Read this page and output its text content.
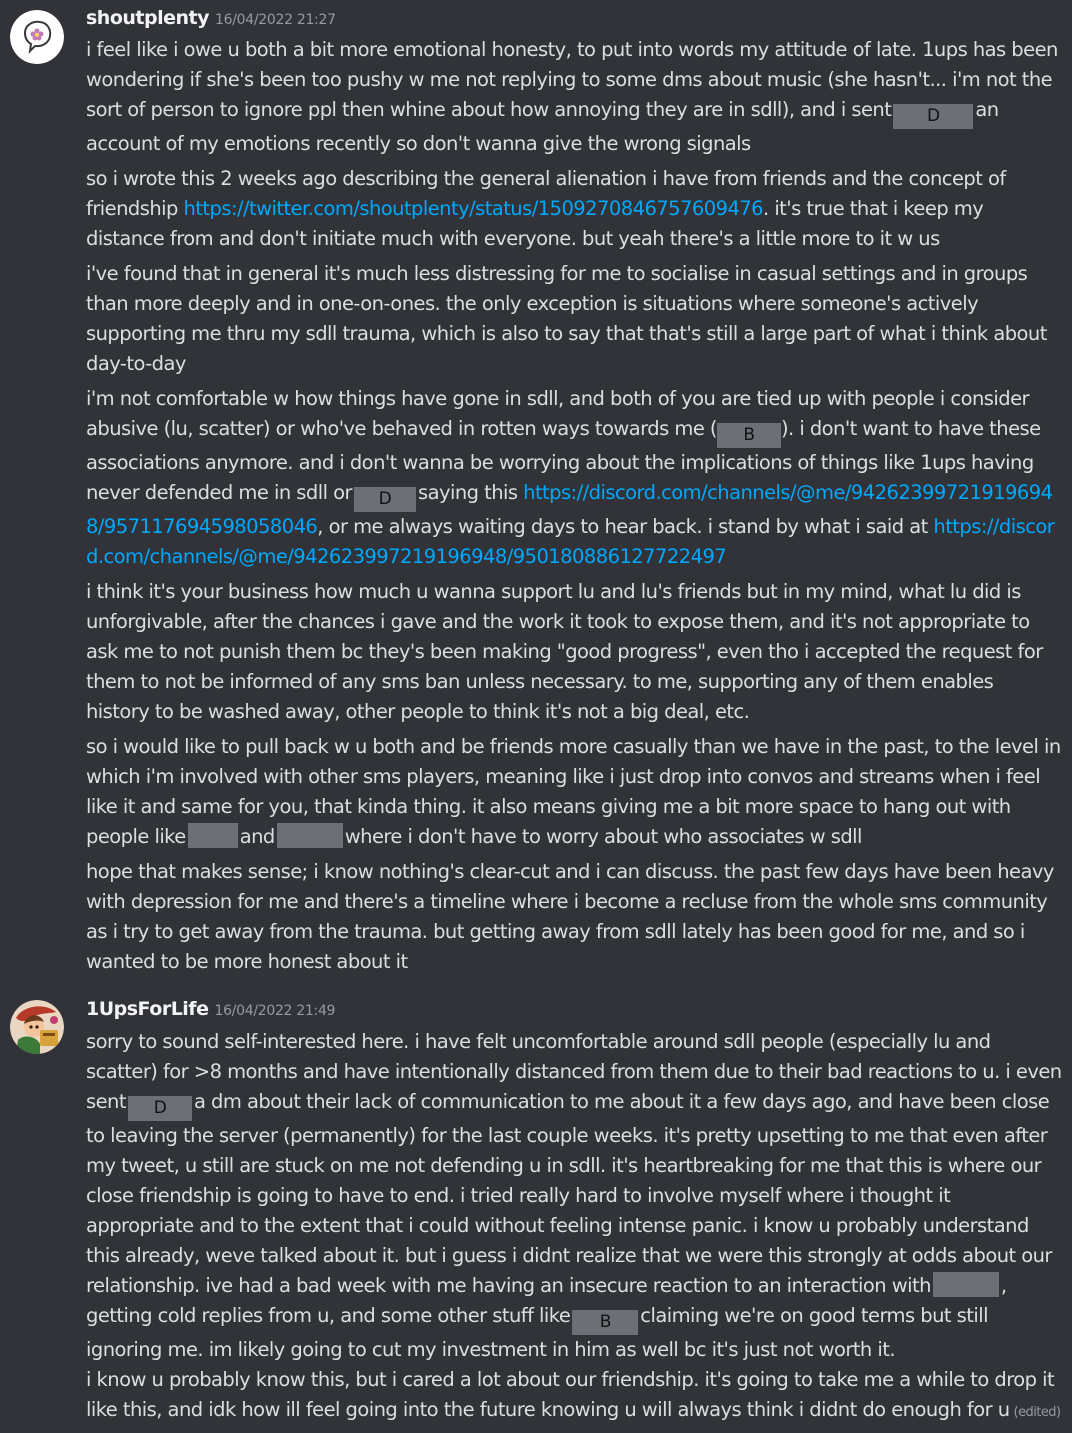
shoutplenty 16/04/2022 21:27

i feel like i owe u both a bit more emotional honesty, to put into words my attitude of late. 1ups has been wondering if she's been too pushy w me not replying to some dms about music (she hasn't... i'm not the sort of person to ignore ppl then whine about how annoying they are in sdll), and i sent D an account of my emotions recently so don't wanna give the wrong signals

so i wrote this 2 weeks ago describing the general alienation i have from friends and the concept of friendship https://twitter.com/shoutplenty/status/1509270846757609476. it's true that i keep my distance from and don't initiate much with everyone. but yeah there's a little more to it w us

i've found that in general it's much less distressing for me to socialise in casual settings and in groups than more deeply and in one-on-ones. the only exception is situations where someone's actively supporting me thru my sdll trauma, which is also to say that that's still a large part of what i think about day-to-day

i'm not comfortable w how things have gone in sdll, and both of you are tied up with people i consider abusive (lu, scatter) or who've behaved in rotten ways towards me ( B ). i don't want to have these associations anymore. and i don't wanna be worrying about the implications of things like 1ups having never defended me in sdll or D saying this https://discord.com/channels/@me/942623997219196948/957117694598058046, or me always waiting days to hear back. i stand by what i said at https://discord.com/channels/@me/942623997219196948/950180886127722497

i think it's your business how much u wanna support lu and lu's friends but in my mind, what lu did is unforgivable, after the chances i gave and the work it took to expose them, and it's not appropriate to ask me to not punish them bc they's been making "good progress", even tho i accepted the request for them to not be informed of any sms ban unless necessary. to me, supporting any of them enables history to be washed away, other people to think it's not a big deal, etc.

so i would like to pull back w u both and be friends more casually than we have in the past, to the level in which i'm involved with other sms players, meaning like i just drop into convos and streams when i feel like it and same for you, that kinda thing. it also means giving me a bit more space to hang out with people like	and	where i don't have to worry about who associates w sdll

hope that makes sense; i know nothing's clear-cut and i can discuss. the past few days have been heavy with depression for me and there's a timeline where i become a recluse from the whole sms community as i try to get away from the trauma. but getting away from sdll lately has been good for me, and so i wanted to be more honest about it

1UpsForLife 16/04/2022 21:49

sorry to sound self-interested here. i have felt uncomfortable around sdll people (especially lu and scatter) for >8 months and have intentionally distanced from them due to their bad reactions to u. i even sent D a dm about their lack of communication to me about it a few days ago, and have been close to leaving the server (permanently) for the last couple weeks. it's pretty upsetting to me that even after my tweet, u still are stuck on me not defending u in sdll. it's heartbreaking for me that this is where our close friendship is going to have to end. i tried really hard to involve myself where i thought it appropriate and to the extent that i could without feeling intense panic. i know u probably understand this already, weve talked about it. but i guess i didnt realize that we were this strongly at odds about our relationship. ive had a bad week with me having an insecure reaction to an interaction with	, getting cold replies from u, and some other stuff like B claiming we're on good terms but still ignoring me. im likely going to cut my investment in him as well bc it's just not worth it.

i know u probably know this, but i cared a lot about our friendship. it's going to take me a while to drop it like this, and idk how ill feel going into the future knowing u will always think i didnt do enough for u (edited)
